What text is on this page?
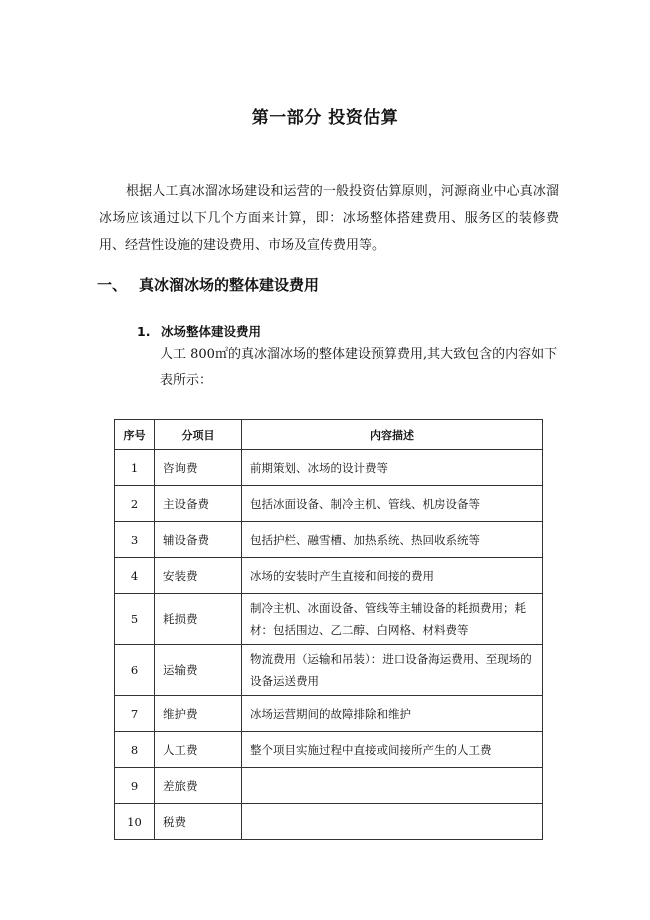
第一部分 投资估算

根据人工真冰溜冰场建设和运营的一般投资估算原则，河源商业中心真冰溜冰场应该通过以下几个方面来计算，即：冰场整体搭建费用、服务区的装修费用、经营性设施的建设费用、市场及宣传费用等。

一、 真冰溜冰场的整体建设费用
1. 冰场整体建设费用

人工 800㎡的真冰溜冰场的整体建设预算费用,其大致包含的内容如下表所示：

序号	分项目	内容描述
1	咨询费	前期策划、冰场的设计费等
2	主设备费	包括冰面设备、制冷主机、管线、机房设备等
3	辅设备费	包括护栏、融雪槽、加热系统、热回收系统等
4	安装费	冰场的安装时产生直接和间接的费用
5	耗损费	制冷主机、冰面设备、管线等主辅设备的耗损费用；耗材：包括围边、乙二醇、白网格、材料费等
6	运输费	物流费用（运输和吊装）：进口设备海运费用、至现场的设备运送费用
7	维护费	冰场运营期间的故障排除和维护
8	人工费	整个项目实施过程中直接或间接所产生的人工费
9	差旅费	
10	税费	
